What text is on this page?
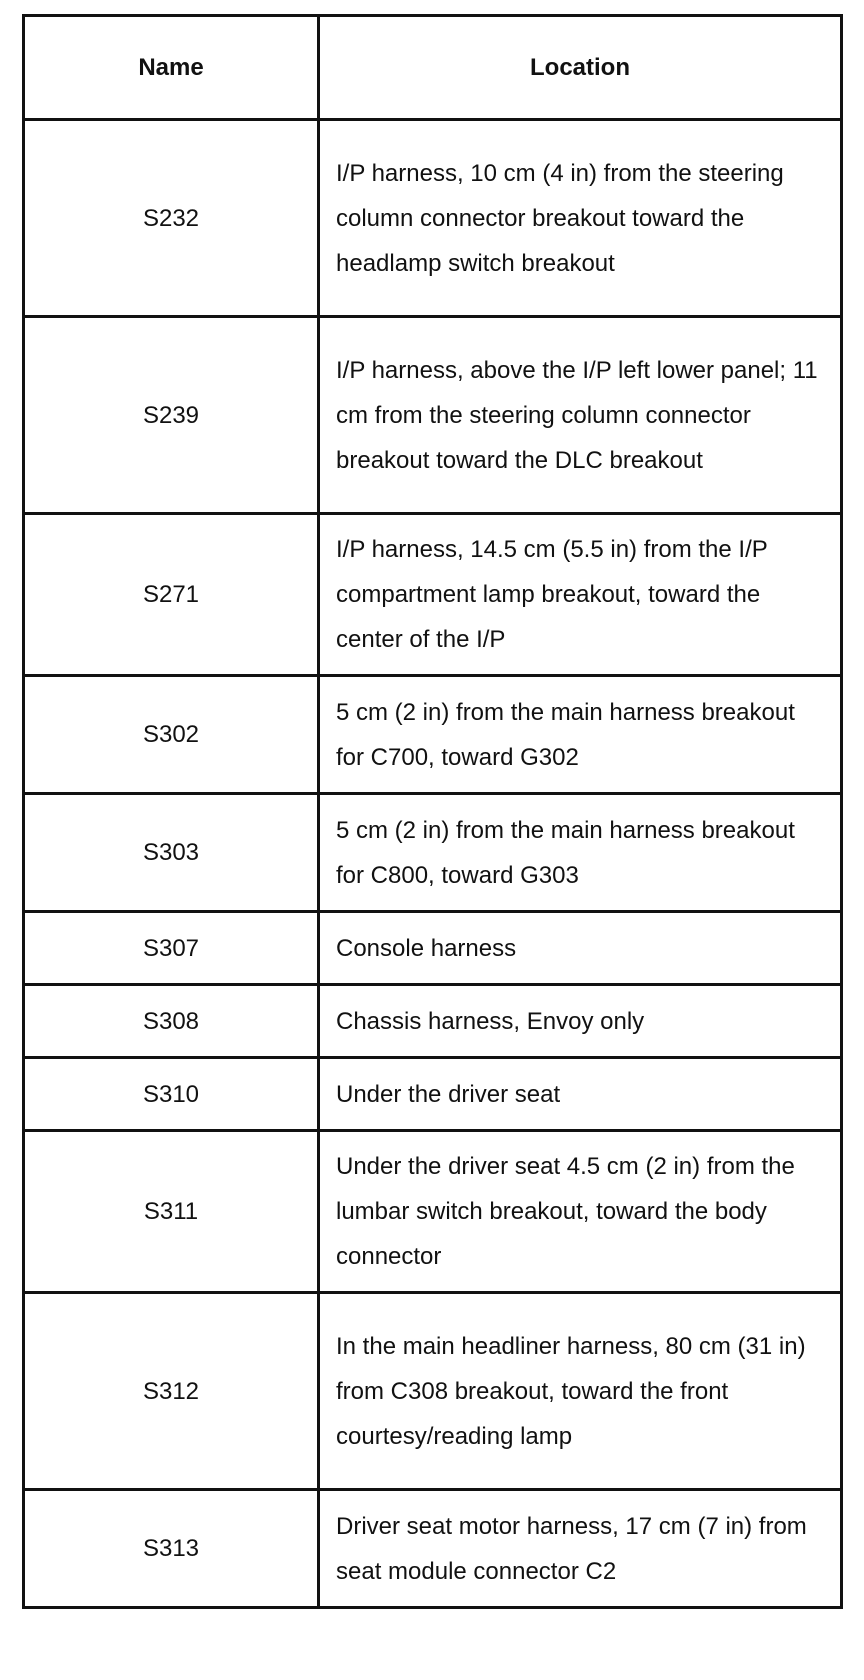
Name	Location
S232	I/P harness, 10 cm (4 in) from the steering column connector breakout toward the headlamp switch breakout
S239	I/P harness, above the I/P left lower panel; 11 cm from the steering column connector breakout toward the DLC breakout
S271	I/P harness, 14.5 cm (5.5 in) from the I/P compartment lamp breakout, toward the center of the I/P
S302	5 cm (2 in) from the main harness breakout for C700, toward G302
S303	5 cm (2 in) from the main harness breakout for C800, toward G303
S307	Console harness
S308	Chassis harness, Envoy only
S310	Under the driver seat
S311	Under the driver seat 4.5 cm (2 in) from the lumbar switch breakout, toward the body connector
S312	In the main headliner harness, 80 cm (31 in) from C308 breakout, toward the front courtesy/reading lamp
S313	Driver seat motor harness, 17 cm (7 in) from seat module connector C2
